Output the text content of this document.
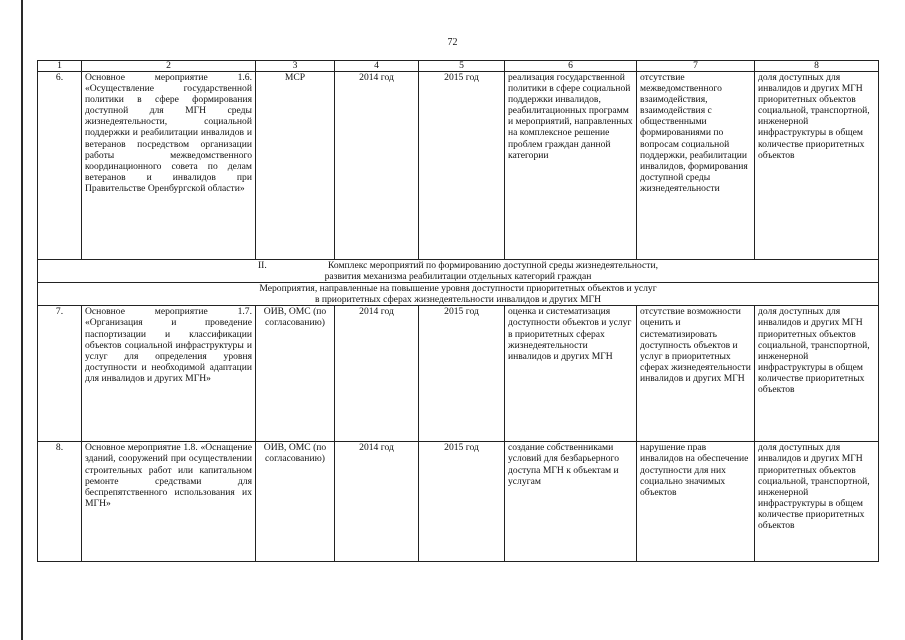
72
1	2	3	4	5	6	7	8
6.	Основное мероприятие 1.6. «Осуществление государственной политики в сфере формирования доступной для МГН среды жизнедеятельности, социальной поддержки и реабилитации инвалидов и ветеранов посредством организации работы межведомственного координационного совета по делам ветеранов и инвалидов при Правительстве Оренбургской области»	МСР	2014 год	2015 год	реализация государственной политики в сфере социальной поддержки инвалидов, реабилитационных программ и мероприятий, направленных на комплексное решение проблем граждан данной категории	отсутствие межведомственного взаимодействия, взаимодействия с общественными формированиями по вопросам социальной поддержки, реабилитации инвалидов, формирования доступной среды жизнедеятельности	доля доступных для инвалидов и других МГН приоритетных объектов социальной, транспортной, инженерной инфраструктуры в общем количестве приоритетных объектов
II. Комплекс мероприятий по формированию доступной среды жизнедеятельности,
развития механизма реабилитации отдельных категорий граждан							
Мероприятия, направленные на повышение уровня доступности приоритетных объектов и услуг
в приоритетных сферах жизнедеятельности инвалидов и других МГН							
7.	Основное мероприятие 1.7. «Организация и проведение паспортизации и классификации объектов социальной инфраструктуры и услуг для определения уровня доступности и необходимой адаптации для инвалидов и других МГН»	ОИВ, ОМС (по согласованию)	2014 год	2015 год	оценка и систематизация доступности объектов и услуг в приоритетных сферах жизнедеятельности инвалидов и других МГН	отсутствие возможности оценить и систематизировать доступность объектов и услуг в приоритетных сферах жизнедеятельности инвалидов и других МГН	доля доступных для инвалидов и других МГН приоритетных объектов социальной, транспортной, инженерной инфраструктуры в общем количестве приоритетных объектов
8.	Основное мероприятие 1.8. «Оснащение зданий, сооружений при осуществлении строительных работ или капитальном ремонте средствами для беспрепятственного использования их МГН»	ОИВ, ОМС (по согласованию)	2014 год	2015 год	создание собственниками условий для безбарьерного доступа МГН к объектам и услугам	нарушение прав инвалидов на обеспечение доступности для них социально значимых объектов	доля доступных для инвалидов и других МГН приоритетных объектов социальной, транспортной, инженерной инфраструктуры в общем количестве приоритетных объектов
